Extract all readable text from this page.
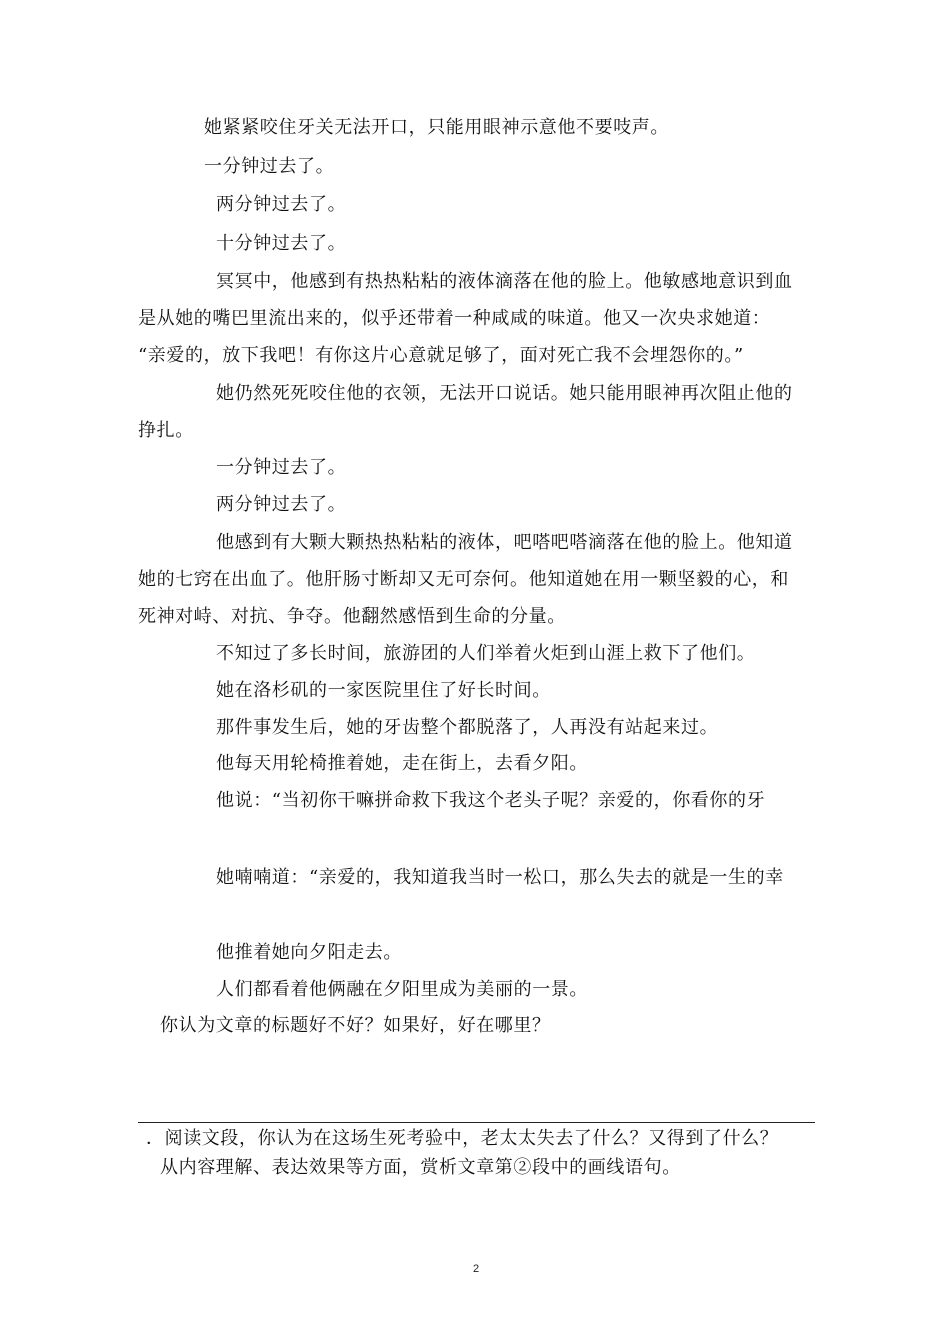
她紧紧咬住牙关无法开口，只能用眼神示意他不要吱声。
一分钟过去了。
两分钟过去了。
十分钟过去了。
冥冥中，他感到有热热粘粘的液体滴落在他的脸上。他敏感地意识到血
是从她的嘴巴里流出来的，似乎还带着一种咸咸的味道。他又一次央求她道：
“亲爱的，放下我吧！有你这片心意就足够了，面对死亡我不会埋怨你的。”
她仍然死死咬住他的衣领，无法开口说话。她只能用眼神再次阻止他的
挣扎。
一分钟过去了。
两分钟过去了。
他感到有大颗大颗热热粘粘的液体，吧嗒吧嗒滴落在他的脸上。他知道
她的七窍在出血了。他肝肠寸断却又无可奈何。他知道她在用一颗坚毅的心，和
死神对峙、对抗、争夺。他翻然感悟到生命的分量。
不知过了多长时间，旅游团的人们举着火炬到山涯上救下了他们。
她在洛杉矶的一家医院里住了好长时间。
那件事发生后，她的牙齿整个都脱落了，人再没有站起来过。
他每天用轮椅推着她，走在街上，去看夕阳。
他说：“当初你干嘛拼命救下我这个老头子呢？亲爱的，你看你的牙
她喃喃道：“亲爱的，我知道我当时一松口，那么失去的就是一生的幸
他推着她向夕阳走去。
人们都看着他俩融在夕阳里成为美丽的一景。
你认为文章的标题好不好？如果好，好在哪里？
．阅读文段，你认为在这场生死考验中，老太太失去了什么？又得到了什么？
从内容理解、表达效果等方面，赏析文章第②段中的画线语句。
2
